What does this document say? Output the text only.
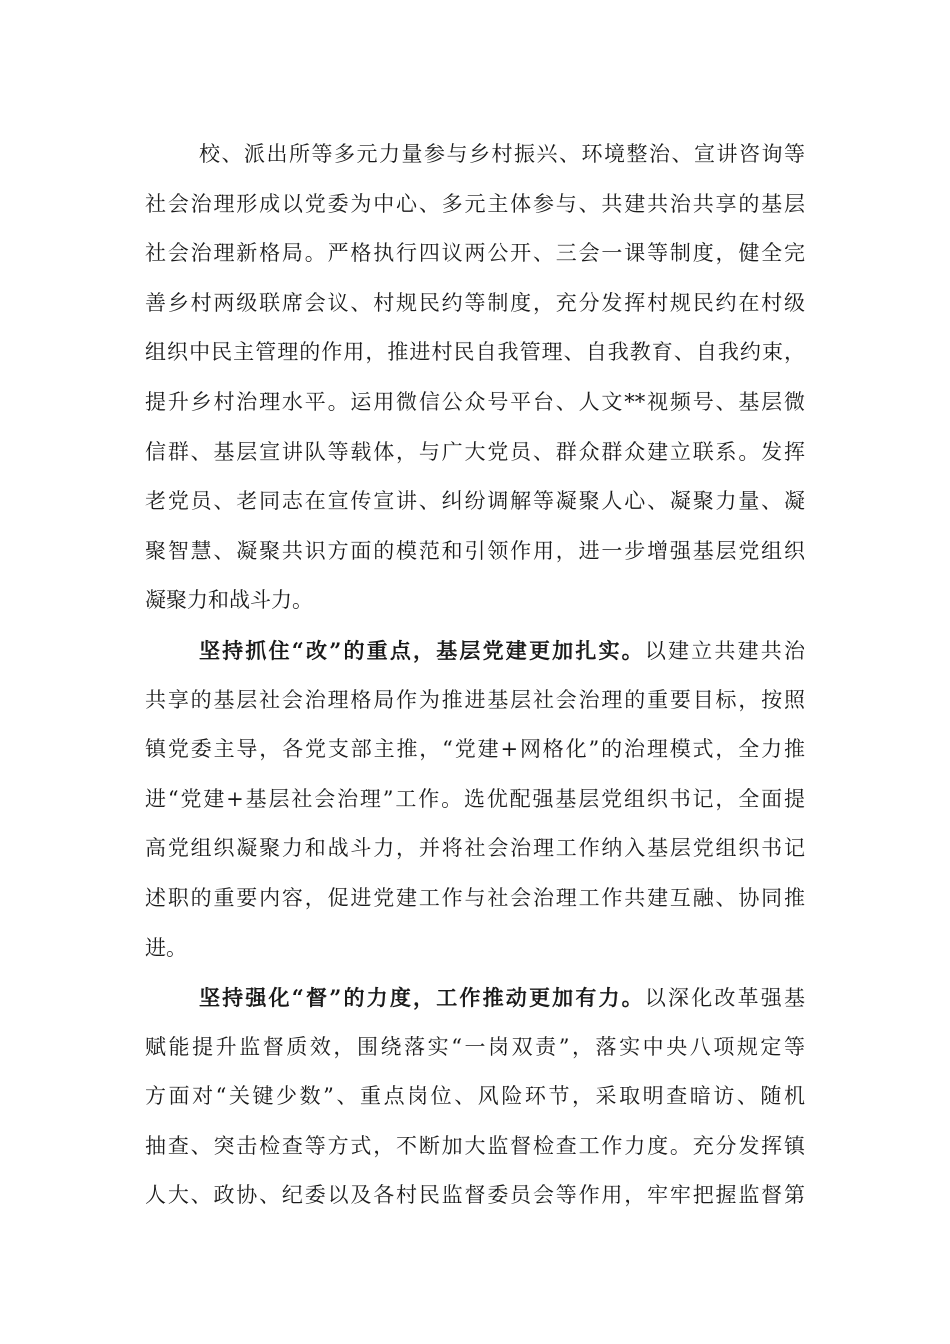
校、派出所等多元力量参与乡村振兴、环境整治、宣讲咨询等
社会治理形成以党委为中心、多元主体参与、共建共治共享的基层
社会治理新格局。严格执行四议两公开、三会一课等制度，健全完
善乡村两级联席会议、村规民约等制度，充分发挥村规民约在村级
组织中民主管理的作用，推进村民自我管理、自我教育、自我约束，
提升乡村治理水平。运用微信公众号平台、人文**视频号、基层微
信群、基层宣讲队等载体，与广大党员、群众群众建立联系。发挥
老党员、老同志在宣传宣讲、纠纷调解等凝聚人心、凝聚力量、凝
聚智慧、凝聚共识方面的模范和引领作用，进一步增强基层党组织
凝聚力和战斗力。
坚持抓住“改”的重点，基层党建更加扎实。以建立共建共治
共享的基层社会治理格局作为推进基层社会治理的重要目标，按照
镇党委主导，各党支部主推，“党建+网格化”的治理模式，全力推
进“党建+基层社会治理”工作。选优配强基层党组织书记，全面提
高党组织凝聚力和战斗力，并将社会治理工作纳入基层党组织书记
述职的重要内容，促进党建工作与社会治理工作共建互融、协同推
进。
坚持强化“督”的力度，工作推动更加有力。以深化改革强基
赋能提升监督质效，围绕落实“一岗双责”，落实中央八项规定等
方面对“关键少数”、重点岗位、风险环节，采取明查暗访、随机
抽查、突击检查等方式，不断加大监督检查工作力度。充分发挥镇
人大、政协、纪委以及各村民监督委员会等作用，牢牢把握监督第
